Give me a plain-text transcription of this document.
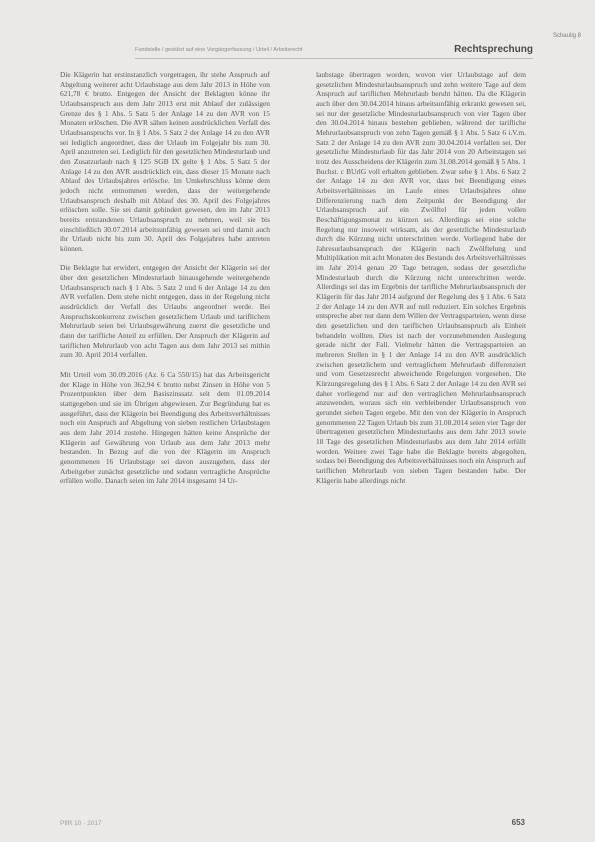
Fundstelle / gestützt auf eine Vorgängerfassung / Urteil / Arbeitsrecht	Rechtsprechung
Schaulig 8

Die Klägerin hat erstinstanzlich vorgetragen, ihr stehe Anspruch auf Abgeltung weiterer acht Urlaubstage aus dem Jahr 2013 in Höhe von 621,78 € brutto. Entgegen der Ansicht der Beklagten könne ihr Urlaubsanspruch aus dem Jahr 2013 erst mit Ablauf der zulässigen Grenze des § 1 Abs. 5 Satz 5 der Anlage 14 zu den AVR von 15 Monaten erlöschen. Die AVR sähen keinen ausdrücklichen Verfall des Urlaubsanspruchs vor. In § 1 Abs. 5 Satz 2 der Anlage 14 zu den AVR sei lediglich angeordnet, dass der Urlaub im Folgejahr bis zum 30. April anzutreten sei. Lediglich für den gesetzlichen Mindesturlaub und den Zusatzurlaub nach § 125 SGB IX gelte § 1 Abs. 5 Satz 5 der Anlage 14 zu den AVR ausdrücklich ein, dass dieser 15 Monate nach Ablauf des Urlaubsjahres erlösche. Im Umkehrschluss könne dem jedoch nicht entnommen werden, dass der weitergehende Urlaubsanspruch deshalb mit Ablauf des 30. April des Folgejahres erlöschen solle. Sie sei damit gehindert gewesen, den im Jahr 2013 bereits entstandenen Urlaubsanspruch zu nehmen, weil sie bis einschließlich 30.07.2014 arbeitsunfähig gewesen sei und damit auch ihr Urlaub nicht bis zum 30. April des Folgejahres habe antreten können.

Die Beklagte hat erwidert, entgegen der Ansicht der Klägerin sei der über den gesetzlichen Mindesturlaub hinausgehende weitergehende Urlaubsanspruch nach § 1 Abs. 5 Satz 2 und 6 der Anlage 14 zu den AVR verfallen. Dem stehe nicht entgegen, dass in der Regelung nicht ausdrücklich der Verfall des Urlaubs angeordnet werde. Bei Anspruchskonkurrenz zwischen gesetzlichem Urlaub und tariflichem Mehrurlaub seien bei Urlaubsgewährung zuerst die gesetzliche und dann der tarifliche Anteil zu erfüllen. Der Anspruch der Klägerin auf tariflichen Mehrurlaub von acht Tagen aus dem Jahr 2013 sei mithin zum 30. April 2014 verfallen.

Mit Urteil vom 30.09.2016 (Az. 6 Ca 550/15) hat das Arbeitsgericht der Klage in Höhe von 362,94 € brutto nebst Zinsen in Höhe von 5 Prozentpunkten über dem Basiszinssatz seit dem 01.09.2014 stattgegeben und sie im Übrigen abgewiesen. Zur Begründung hat es ausgeführt, dass der Klägerin bei Beendigung des Arbeitsverhältnisses noch ein Anspruch auf Abgeltung von sieben restlichen Urlaubstagen aus dem Jahr 2014 zustehe. Hingegen hätten keine Ansprüche der Klägerin auf Gewährung von Urlaub aus dem Jahr 2013 mehr bestanden. In Bezug auf die von der Klägerin im Anspruch genommenen 16 Urlaubstage sei davon auszugehen, dass der Arbeitgeber zunächst gesetzliche und sodann vertragliche Ansprüche erfüllen wolle. Danach seien im Jahr 2014 insgesamt 14 Ur-

laubstage übertragen worden, wovon vier Urlaubstage auf dem gesetzlichen Mindesturlaubsanspruch und zehn weitere Tage auf dem Anspruch auf tariflichen Mehrurlaub beruht hätten. Da die Klägerin auch über den 30.04.2014 hinaus arbeitsunfähig erkrankt gewesen sei, sei nur der gesetzliche Mindesturlaubsanspruch von vier Tagen über den 30.04.2014 hinaus bestehen geblieben, während der tarifliche Mehrurlaubsanspruch von zehn Tagen gemäß § 1 Abs. 5 Satz 6 i.V.m. Satz 2 der Anlage 14 zu den AVR zum 30.04.2014 verfallen sei. Der gesetzliche Mindesturlaub für das Jahr 2014 von 20 Arbeitstagen sei trotz des Ausscheidens der Klägerin zum 31.08.2014 gemäß § 5 Abs. 1 Buchst. c BUrlG voll erhalten geblieben. Zwar sehe § 1 Abs. 6 Satz 2 der Anlage 14 zu den AVR vor, dass bei Beendigung eines Arbeitsverhältnisses im Laufe eines Urlaubsjahres ohne Differenzierung nach dem Zeitpunkt der Beendigung der Urlaubsanspruch auf ein Zwölftel für jeden vollen Beschäftigungsmonat zu kürzen sei. Allerdings sei eine solche Regelung nur insoweit wirksam, als der gesetzliche Mindesturlaub durch die Kürzung nicht unterschritten werde. Vorliegend habe der Jahresurlaubsanspruch der Klägerin nach Zwölftelung und Multiplikation mit acht Monaten des Bestands des Arbeitsverhältnisses im Jahr 2014 genau 20 Tage betragen, sodass der gesetzliche Mindesturlaub durch die Kürzung nicht unterschritten werde. Allerdings sei das im Ergebnis der tarifliche Mehrurlaubsanspruch der Klägerin für das Jahr 2014 aufgrund der Regelung des § 1 Abs. 6 Satz 2 der Anlage 14 zu den AVR auf null reduziert. Ein solches Ergebnis entspreche aber nur dann dem Willen der Vertragsparteien, wenn diese den gesetzlichen und den tariflichen Urlaubsanspruch als Einheit behandeln wollten. Dies ist nach der vorzunehmenden Auslegung gerade nicht der Fall. Vielmehr hätten die Vertragsparteien an mehreren Stellen in § 1 der Anlage 14 zu den AVR ausdrücklich zwischen gesetzlichem und vertraglichem Mehrurlaub differenziert und vom Gesetzesrecht abweichende Regelungen vorgesehen. Die Kürzungsregelung des § 1 Abs. 6 Satz 2 der Anlage 14 zu den AVR sei daher vorliegend nur auf den vertraglichen Mehrurlaubsanspruch anzuwenden, woraus sich ein verbleibender Urlaubsanspruch von gerundet sieben Tagen ergebe. Mit den von der Klägerin in Anspruch genommenen 22 Tagen Urlaub bis zum 31.08.2014 seien vier Tage der übertragenen gesetzlichen Mindesturlaubs aus dem Jahr 2013 sowie 18 Tage des gesetzlichen Mindesturlaubs aus dem Jahr 2014 erfüllt worden. Weitere zwei Tage habe die Beklagte bereits abgegolten, sodass bei Beendigung des Arbeitsverhältnisses noch ein Anspruch auf tariflichen Mehrurlaub von sieben Tagen bestanden habe. Der Klägerin habe allerdings nicht

PflR 10 · 2017	653
